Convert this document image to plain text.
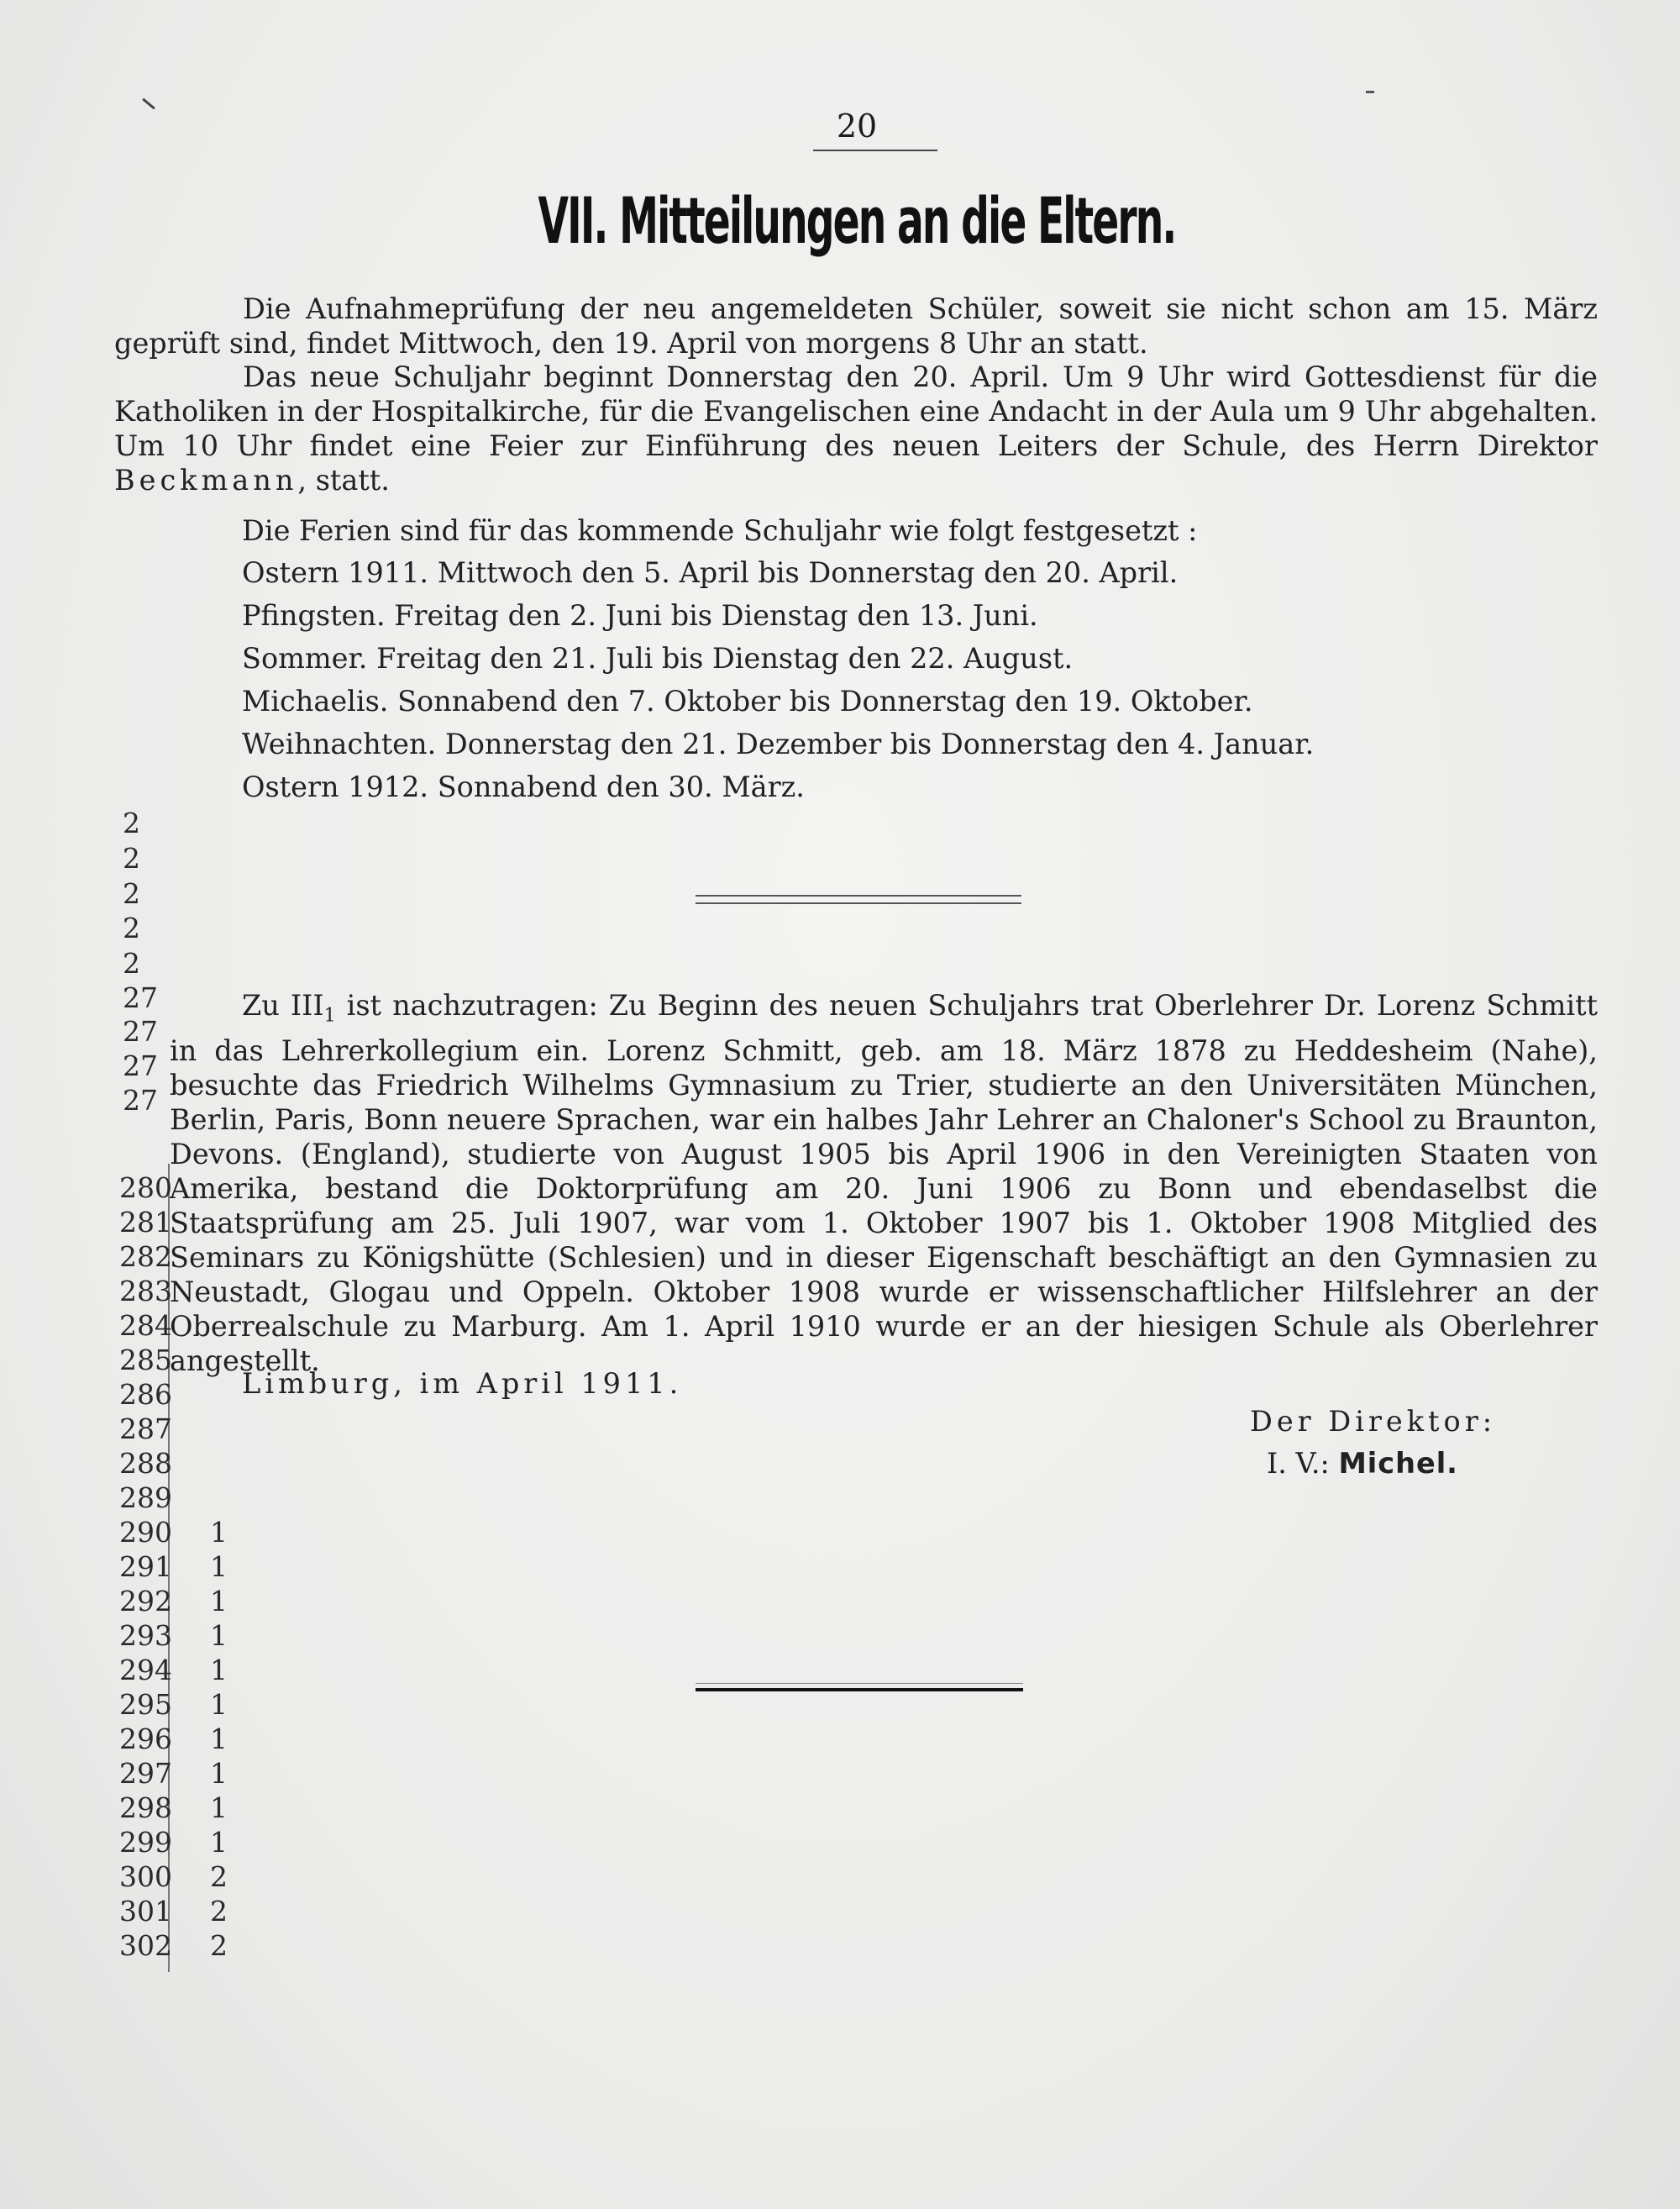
20
VII. Mitteilungen an die Eltern.

Die Aufnahmeprüfung der neu angemeldeten Schüler, soweit sie nicht schon am 15. März geprüft sind, findet Mittwoch, den 19. April von morgens 8 Uhr an statt.

Das neue Schuljahr beginnt Donnerstag den 20. April. Um 9 Uhr wird Gottesdienst für die Katholiken in der Hospitalkirche, für die Evangelischen eine Andacht in der Aula um 9 Uhr abgehalten. Um 10 Uhr findet eine Feier zur Einführung des neuen Leiters der Schule, des Herrn Direktor Beckmann, statt.

Die Ferien sind für das kommende Schuljahr wie folgt festgesetzt :
Ostern 1911. Mittwoch den 5. April bis Donnerstag den 20. April.
Pfingsten. Freitag den 2. Juni bis Dienstag den 13. Juni.
Sommer. Freitag den 21. Juli bis Dienstag den 22. August.
Michaelis. Sonnabend den 7. Oktober bis Donnerstag den 19. Oktober.
Weihnachten. Donnerstag den 21. Dezember bis Donnerstag den 4. Januar.
Ostern 1912. Sonnabend den 30. März.

Zu $III_1$ ist nachzutragen: Zu Beginn des neuen Schuljahrs trat Oberlehrer Dr. Lorenz Schmitt in das Lehrerkollegium ein. Lorenz Schmitt, geb. am 18. März 1878 zu Heddesheim (Nahe), besuchte das Friedrich Wilhelms Gymnasium zu Trier, studierte an den Universitäten München, Berlin, Paris, Bonn neuere Sprachen, war ein halbes Jahr Lehrer an Chaloner's School zu Braunton, Devons. (England), studierte von August 1905 bis April 1906 in den Vereinigten Staaten von Amerika, bestand die Doktorprüfung am 20. Juni 1906 zu Bonn und ebendaselbst die Staatsprüfung am 25. Juli 1907, war vom 1. Oktober 1907 bis 1. Oktober 1908 Mitglied des Seminars zu Königshütte (Schlesien) und in dieser Eigenschaft beschäftigt an den Gymnasien zu Neustadt, Glogau und Oppeln. Oktober 1908 wurde er wissenschaftlicher Hilfslehrer an der Oberrealschule zu Marburg. Am 1. April 1910 wurde er an der hiesigen Schule als Oberlehrer angestellt.

Limburg, im April 1911.
Der Direktor:
I. V.: Michel.
2
2
2
2
2
27
27
27
27
280
281
282
283
284
285
286
287
288
289
290
291
292
293
294
295
296
297
298
299
300
301
302
1
1
1
1
1
1
1
1
1
1
2
2
2
